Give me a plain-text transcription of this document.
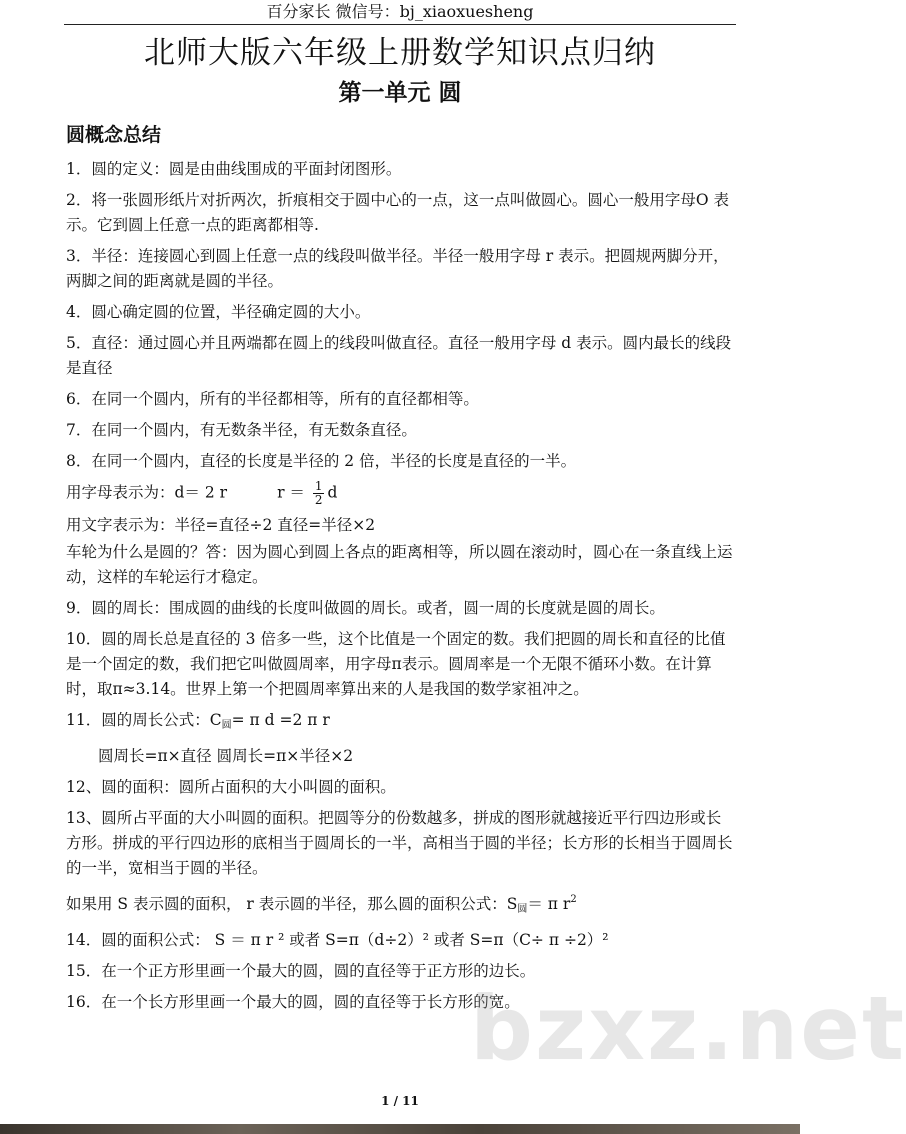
百分家长 微信号：bj_xiaoxuesheng
北师大版六年级上册数学知识点归纳
第一单元 圆
圆概念总结

1．圆的定义：圆是由曲线围成的平面封闭图形。

2．将一张圆形纸片对折两次，折痕相交于圆中心的一点，这一点叫做圆心。圆心一般用字母O 表示。它到圆上任意一点的距离都相等.

3．半径：连接圆心到圆上任意一点的线段叫做半径。半径一般用字母 r 表示。把圆规两脚分开，两脚之间的距离就是圆的半径。

4．圆心确定圆的位置，半径确定圆的大小。

5．直径：通过圆心并且两端都在圆上的线段叫做直径。直径一般用字母 d 表示。圆内最长的线段是直径

6．在同一个圆内，所有的半径都相等，所有的直径都相等。

7．在同一个圆内，有无数条半径，有无数条直径。

8．在同一个圆内，直径的长度是半径的 2 倍，半径的长度是直径的一半。

用字母表示为：d＝ 2 r	$r = \frac{1}{2}$ d

用文字表示为：半径=直径÷2 直径=半径×2

车轮为什么是圆的？答：因为圆心到圆上各点的距离相等，所以圆在滚动时，圆心在一条直线上运动，这样的车轮运行才稳定。

9．圆的周长：围成圆的曲线的长度叫做圆的周长。或者，圆一周的长度就是圆的周长。

10．圆的周长总是直径的 3 倍多一些，这个比值是一个固定的数。我们把圆的周长和直径的比值是一个固定的数，我们把它叫做圆周率，用字母π表示。圆周率是一个无限不循环小数。在计算时，取π≈3.14。世界上第一个把圆周率算出来的人是我国的数学家祖冲之。

11．圆的周长公式：$C_圆= \pi$ d =2 π r

圆周长=π×直径 圆周长=π×半径×2

12、圆的面积：圆所占面积的大小叫圆的面积。

13、圆所占平面的大小叫圆的面积。把圆等分的份数越多，拼成的图形就越接近平行四边形或长方形。拼成的平行四边形的底相当于圆周长的一半，高相当于圆的半径；长方形的长相当于圆周长的一半，宽相当于圆的半径。

如果用 S 表示圆的面积， r 表示圆的半径，那么圆的面积公式：$S_圆= \pi$ $r^2$

14．圆的面积公式： S ＝ π r ² 或者 S=π（d÷2）² 或者 S=π（C÷ π ÷2）²

15．在一个正方形里画一个最大的圆，圆的直径等于正方形的边长。

16．在一个长方形里画一个最大的圆，圆的直径等于长方形的宽。

bzxz.net
1 / 11
